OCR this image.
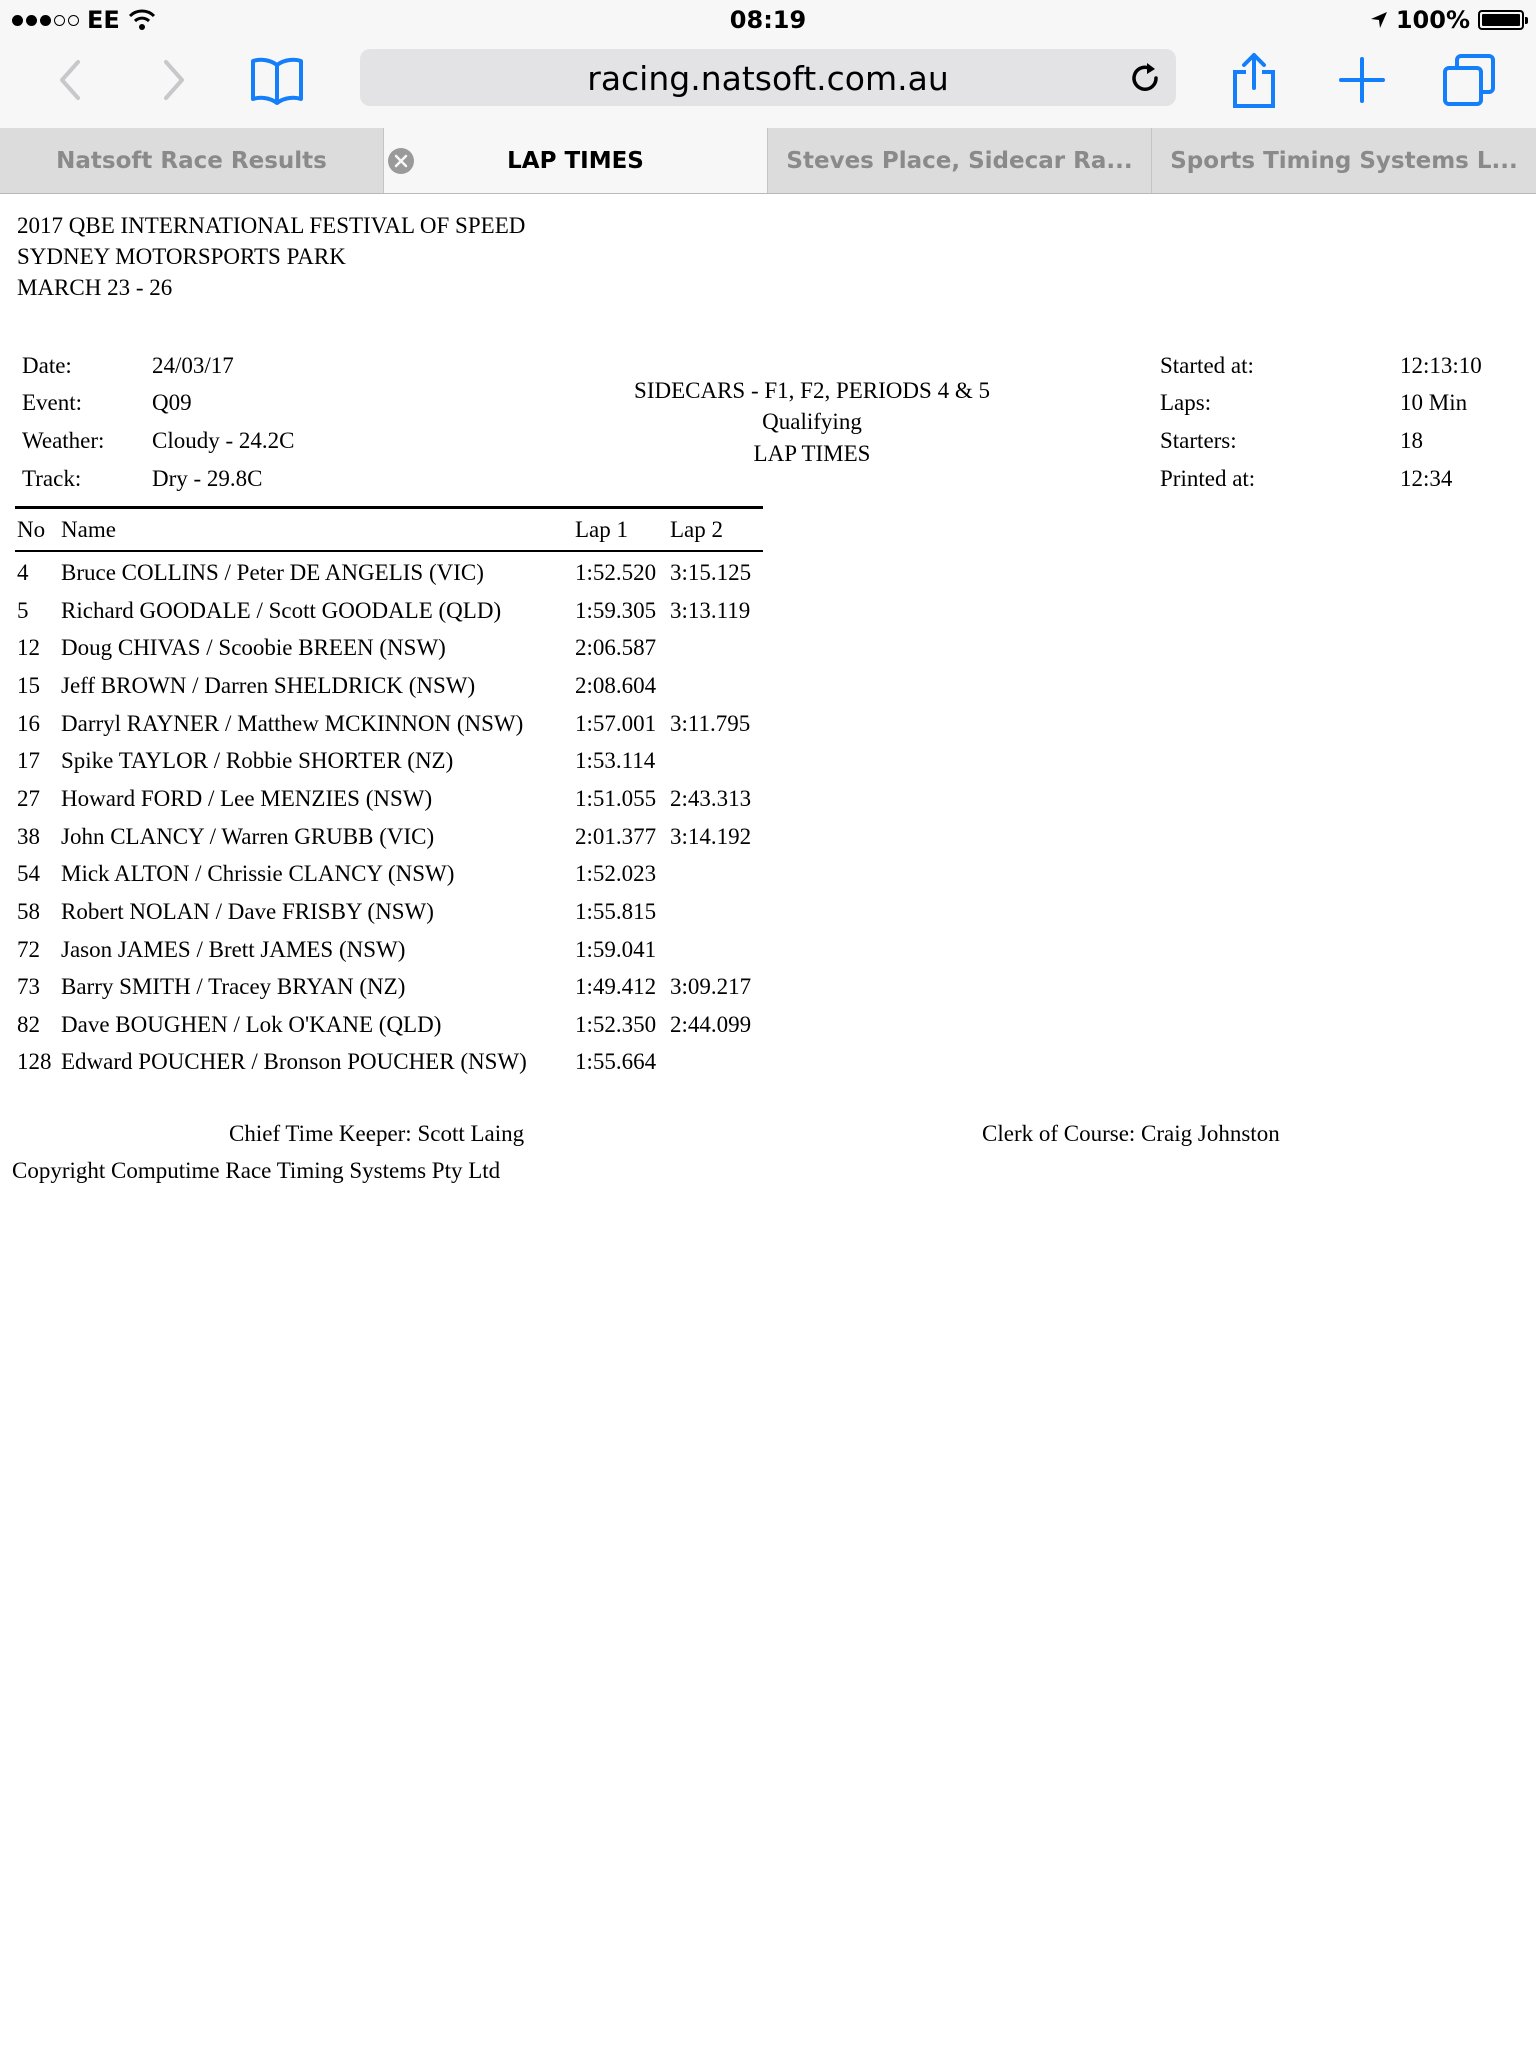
EE	08:19	100%
racing.natsoft.com.au
Natsoft Race Results	LAP TIMES	Steves Place, Sidecar Ra... Sports Timing Systems L...
2017 QBE INTERNATIONAL FESTIVAL OF SPEED
SYDNEY MOTORSPORTS PARK
MARCH 23 - 26
Date:	24/03/17
Event:	Q09
Weather: Cloudy - 24.2C
Track:	Dry - 29.8C
SIDECARS - F1, F2, PERIODS 4 & 5
Qualifying
LAP TIMES
Started at:	12:13:10
Laps:	10 Min
Starters:	18
Printed at:	12:34
No Name	Lap 1 Lap 2
4 Bruce COLLINS / Peter DE ANGELIS (VIC)	1:52.520 3:15.125
5 Richard GOODALE / Scott GOODALE (QLD)	1:59.305 3:13.119
12 Doug CHIVAS / Scoobie BREEN (NSW)	2:06.587
15 Jeff BROWN / Darren SHELDRICK (NSW)	2:08.604
16 Darryl RAYNER / Matthew MCKINNON (NSW) 1:57.001 3:11.795
17 Spike TAYLOR / Robbie SHORTER (NZ)	1:53.114
27 Howard FORD / Lee MENZIES (NSW)	1:51.055 2:43.313
38 John CLANCY / Warren GRUBB (VIC)	2:01.377 3:14.192
54 Mick ALTON / Chrissie CLANCY (NSW)	1:52.023
58 Robert NOLAN / Dave FRISBY (NSW)	1:55.815
72 Jason JAMES / Brett JAMES (NSW)	1:59.041
73 Barry SMITH / Tracey BRYAN (NZ)	1:49.412 3:09.217
82 Dave BOUGHEN / Lok O'KANE (QLD)	1:52.350 2:44.099
128 Edward POUCHER / Bronson POUCHER (NSW) 1:55.664
Chief Time Keeper: Scott Laing	Clerk of Course: Craig Johnston
Copyright Computime Race Timing Systems Pty Ltd
